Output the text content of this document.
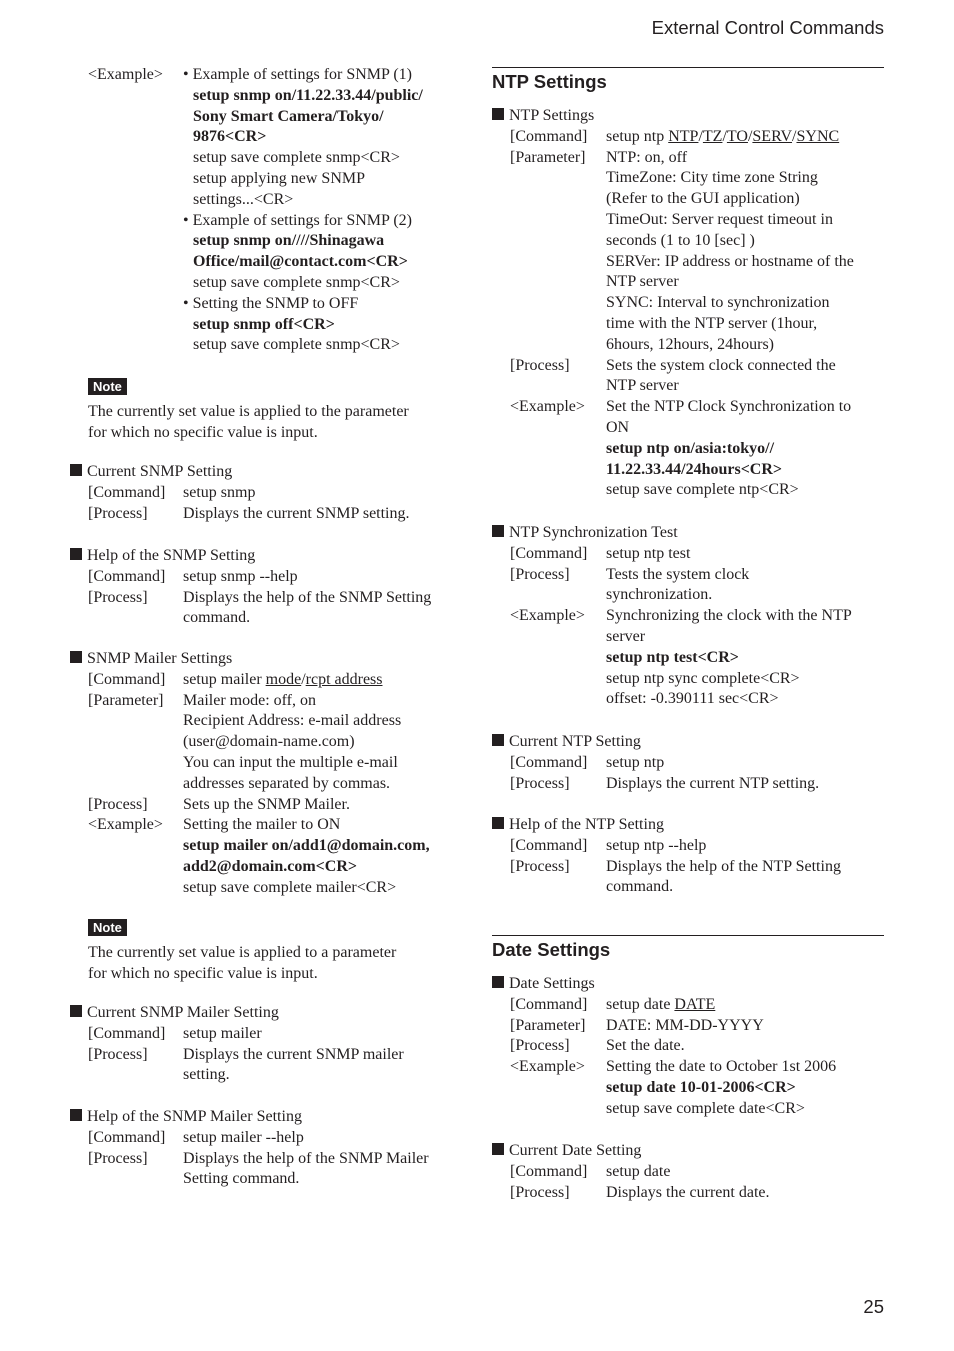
External Control Commands
<Example> • Example of settings for SNMP (1)
setup snmp on/11.22.33.44/public/
Sony Smart Camera/Tokyo/
9876<CR>
setup save complete snmp<CR>
setup applying new SNMP
settings...<CR>
• Example of settings for SNMP (2)
setup snmp on////Shinagawa
Office/mail@contact.com<CR>
setup save complete snmp<CR>
• Setting the SNMP to OFF
setup snmp off<CR>
setup save complete snmp<CR>
Note
The currently set value is applied to the parameter
for which no specific value is input.
Current SNMP Setting
[Command] setup snmp
[Process] Displays the current SNMP setting.
Help of the SNMP Setting
[Command] setup snmp --help
[Process] Displays the help of the SNMP Setting
command.
SNMP Mailer Settings
[Command] setup mailer mode/rcpt address
[Parameter] Mailer mode: off, on
Recipient Address: e-mail address
(user@domain-name.com)
You can input the multiple e-mail
addresses separated by commas.
[Process] Sets up the SNMP Mailer.
<Example> Setting the mailer to ON
setup mailer on/add1@domain.com,
add2@domain.com<CR>
setup save complete mailer<CR>
Note
The currently set value is applied to a parameter
for which no specific value is input.
Current SNMP Mailer Setting
[Command] setup mailer
[Process] Displays the current SNMP mailer
setting.
Help of the SNMP Mailer Setting
[Command] setup mailer --help
[Process] Displays the help of the SNMP Mailer
Setting command.
NTP Settings
NTP Settings
[Command] setup ntp NTP/TZ/TO/SERV/SYNC
[Parameter] NTP: on, off
TimeZone: City time zone String
(Refer to the GUI application)
TimeOut: Server request timeout in
seconds (1 to 10 [sec] )
SERVer: IP address or hostname of the
NTP server
SYNC: Interval to synchronization
time with the NTP server (1hour,
6hours, 12hours, 24hours)
[Process] Sets the system clock connected the
NTP server
<Example> Set the NTP Clock Synchronization to
ON
setup ntp on/asia:tokyo//
11.22.33.44/24hours<CR>
setup save complete ntp<CR>
NTP Synchronization Test
[Command] setup ntp test
[Process] Tests the system clock
synchronization.
<Example> Synchronizing the clock with the NTP
server
setup ntp test<CR>
setup ntp sync complete<CR>
offset: -0.390111 sec<CR>
Current NTP Setting
[Command] setup ntp
[Process] Displays the current NTP setting.
Help of the NTP Setting
[Command] setup ntp --help
[Process] Displays the help of the NTP Setting
command.
Date Settings
Date Settings
[Command] setup date DATE
[Parameter] DATE: MM-DD-YYYY
[Process] Set the date.
<Example> Setting the date to October 1st 2006
setup date 10-01-2006<CR>
setup save complete date<CR>
Current Date Setting
[Command] setup date
[Process] Displays the current date.
25
